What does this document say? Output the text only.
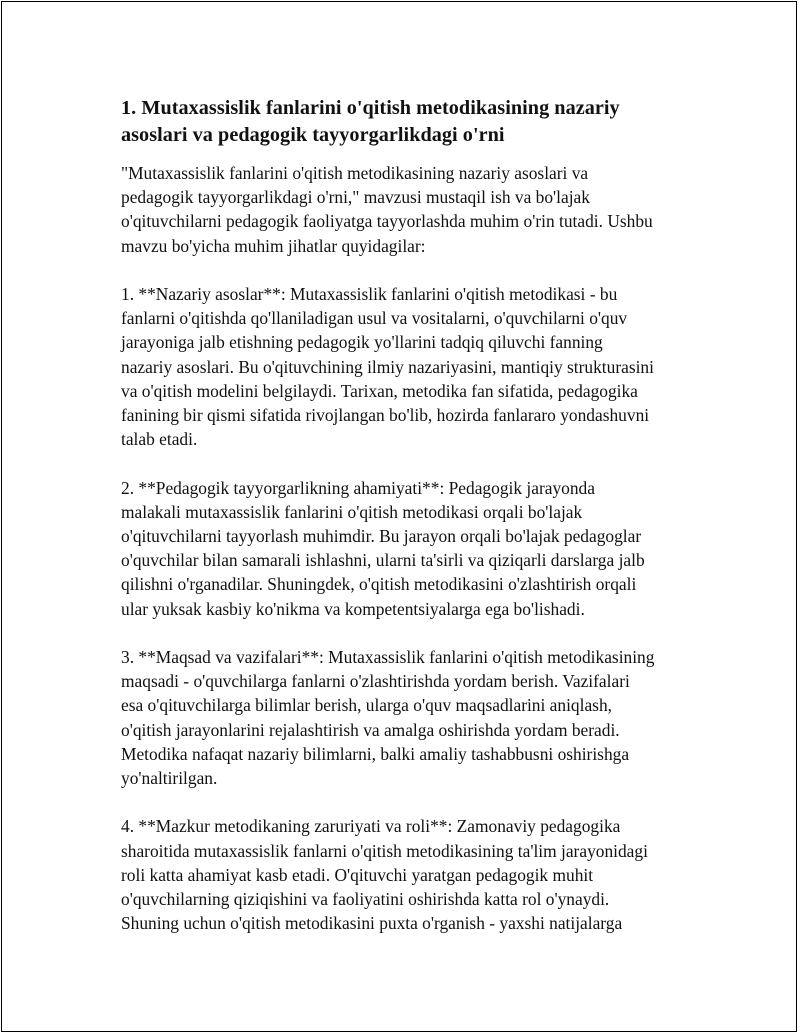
1. Mutaxassislik fanlarini o'qitish metodikasining nazariy asoslari va pedagogik tayyorgarlikdagi o'rni

"Mutaxassislik fanlarini o'qitish metodikasining nazariy asoslari va
pedagogik tayyorgarlikdagi o'rni," mavzusi mustaqil ish va bo'lajak
o'qituvchilarni pedagogik faoliyatga tayyorlashda muhim o'rin tutadi. Ushbu
mavzu bo'yicha muhim jihatlar quyidagilar:

1. **Nazariy asoslar**: Mutaxassislik fanlarini o'qitish metodikasi - bu
fanlarni o'qitishda qo'llaniladigan usul va vositalarni, o'quvchilarni o'quv
jarayoniga jalb etishning pedagogik yo'llarini tadqiq qiluvchi fanning
nazariy asoslari. Bu o'qituvchining ilmiy nazariyasini, mantiqiy strukturasini
va o'qitish modelini belgilaydi. Tarixan, metodika fan sifatida, pedagogika
fanining bir qismi sifatida rivojlangan bo'lib, hozirda fanlararo yondashuvni
talab etadi.

2. **Pedagogik tayyorgarlikning ahamiyati**: Pedagogik jarayonda
malakali mutaxassislik fanlarini o'qitish metodikasi orqali bo'lajak
o'qituvchilarni tayyorlash muhimdir. Bu jarayon orqali bo'lajak pedagoglar
o'quvchilar bilan samarali ishlashni, ularni ta'sirli va qiziqarli darslarga jalb
qilishni o'rganadilar. Shuningdek, o'qitish metodikasini o'zlashtirish orqali
ular yuksak kasbiy ko'nikma va kompetentsiyalarga ega bo'lishadi.

3. **Maqsad va vazifalari**: Mutaxassislik fanlarini o'qitish metodikasining
maqsadi - o'quvchilarga fanlarni o'zlashtirishda yordam berish. Vazifalari
esa o'qituvchilarga bilimlar berish, ularga o'quv maqsadlarini aniqlash,
o'qitish jarayonlarini rejalashtirish va amalga oshirishda yordam beradi.
Metodika nafaqat nazariy bilimlarni, balki amaliy tashabbusni oshirishga
yo'naltirilgan.

4. **Mazkur metodikaning zaruriyati va roli**: Zamonaviy pedagogika
sharoitida mutaxassislik fanlarni o'qitish metodikasining ta'lim jarayonidagi
roli katta ahamiyat kasb etadi. O'qituvchi yaratgan pedagogik muhit
o'quvchilarning qiziqishini va faoliyatini oshirishda katta rol o'ynaydi.
Shuning uchun o'qitish metodikasini puxta o'rganish - yaxshi natijalarga
